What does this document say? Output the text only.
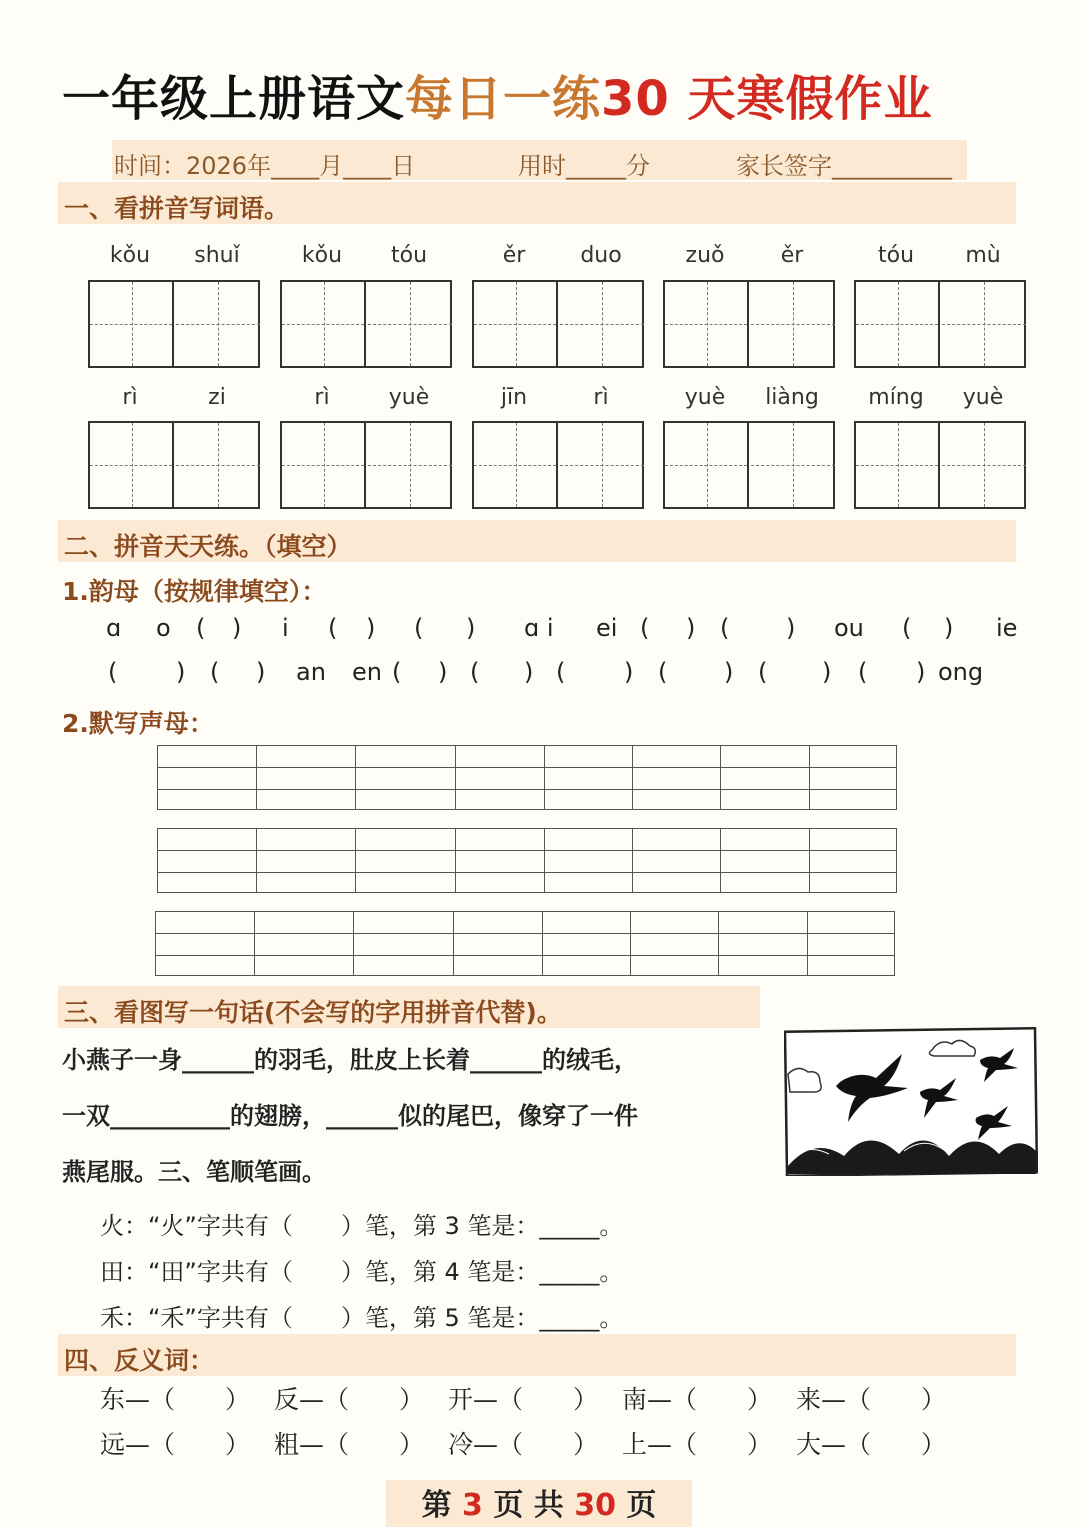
一年级上册语文每日一练30 天寒假作业
时间：2026年____月____日	用时_____分	家长签字__________
一、看拼音写词语。
kǒu	shuǐ	kǒu	tóu	ěr	duo	zuǒ	ěr	tóu	mù
rì	zi	rì	yuè	jīn	rì	yuè	liàng	míng	yuè
二、拼音天天练。（填空）
1.韵母（按规律填空）：
ɑ o ( ) i ( ) ( ) ɑ i ei ( ) ( ) ou ( ) ie
( ) ( ) an en ( ) ( ) ( ) ( ) ( ) ( ) ong
2.默写声母：
三、看图写一句话(不会写的字用拼音代替)。
小燕子一身______的羽毛，肚皮上长着______的绒毛，
一双__________的翅膀，______似的尾巴，像穿了一件
燕尾服。三、笔顺笔画。
火：“火”字共有（　　）笔，第 3 笔是：_____。
田：“田”字共有（　　）笔，第 4 笔是：_____。
禾：“禾”字共有（　　）笔，第 5 笔是：_____。
四、反义词：
东—（　　） 反—（　　） 开—（　　） 南—（　　） 来—（　　）
远—（　　） 粗—（　　） 冷—（　　） 上—（　　） 大—（　　）
第 3 页 共 30 页
